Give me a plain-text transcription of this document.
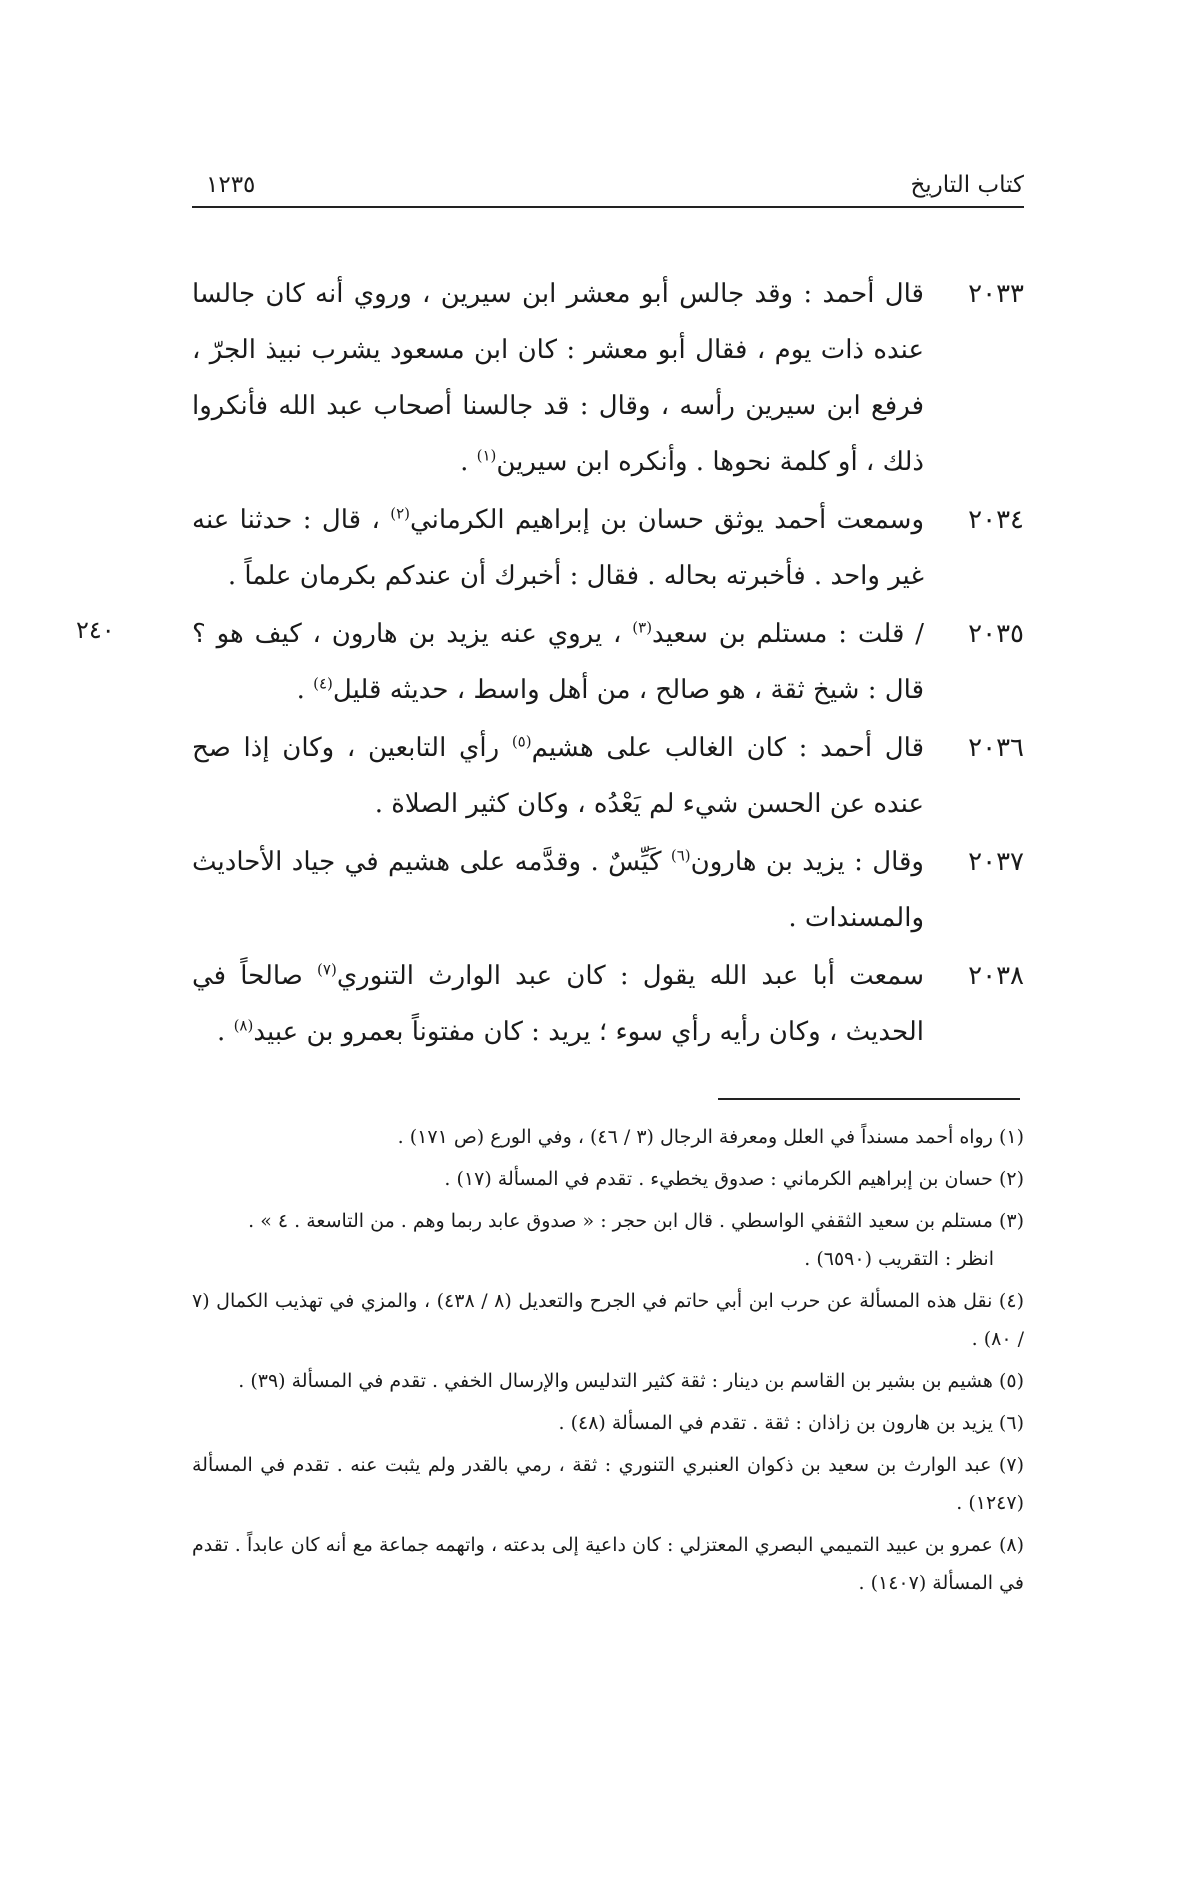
كتاب التاريخ
١٢٣٥
٢٤٠
٢٠٣٣
قال أحمد : وقد جالس أبو معشر ابن سيرين ، وروي أنه كان جالسا عنده ذات يوم ، فقال أبو معشر : كان ابن مسعود يشرب نبيذ الجرّ ، فرفع ابن سيرين رأسه ، وقال : قد جالسنا أصحاب عبد الله فأنكروا ذلك ، أو كلمة نحوها . وأنكره ابن سيرين$^{(١)}$ .
٢٠٣٤
وسمعت أحمد يوثق حسان بن إبراهيم الكرماني$^{(٢)}$ ، قال : حدثنا عنه غير واحد . فأخبرته بحاله . فقال : أخبرك أن عندكم بكرمان علماً .
٢٠٣٥
/ قلت : مستلم بن سعيد$^{(٣)}$ ، يروي عنه يزيد بن هارون ، كيف هو ؟ قال : شيخ ثقة ، هو صالح ، من أهل واسط ، حديثه قليل$^{(٤)}$ .
٢٠٣٦
قال أحمد : كان الغالب على هشيم$^{(٥)}$ رأي التابعين ، وكان إذا صح عنده عن الحسن شيء لم يَعْدُه ، وكان كثير الصلاة .
٢٠٣٧
وقال : يزيد بن هارون$^{(٦)}$ كَيِّسٌ . وقدَّمه على هشيم في جياد الأحاديث والمسندات .
٢٠٣٨
سمعت أبا عبد الله يقول : كان عبد الوارث التنوري$^{(٧)}$ صالحاً في الحديث ، وكان رأيه رأي سوء ؛ يريد : كان مفتوناً بعمرو بن عبيد$^{(٨)}$ .
(١) رواه أحمد مسنداً في العلل ومعرفة الرجال (٣ / ٤٦) ، وفي الورع (ص ١٧١) .
(٢) حسان بن إبراهيم الكرماني : صدوق يخطيء . تقدم في المسألة (١٧) .
(٣) مستلم بن سعيد الثقفي الواسطي . قال ابن حجر : « صدوق عابد ربما وهم . من التاسعة . ٤ » .
انظر : التقريب (٦٥٩٠) .
(٤) نقل هذه المسألة عن حرب ابن أبي حاتم في الجرح والتعديل (٨ / ٤٣٨) ، والمزي في تهذيب الكمال (٧ / ٨٠) .
(٥) هشيم بن بشير بن القاسم بن دينار : ثقة كثير التدليس والإرسال الخفي . تقدم في المسألة (٣٩) .
(٦) يزيد بن هارون بن زاذان : ثقة . تقدم في المسألة (٤٨) .
(٧) عبد الوارث بن سعيد بن ذكوان العنبري التنوري : ثقة ، رمي بالقدر ولم يثبت عنه . تقدم في المسألة (١٢٤٧) .
(٨) عمرو بن عبيد التميمي البصري المعتزلي : كان داعية إلى بدعته ، واتهمه جماعة مع أنه كان عابداً . تقدم في المسألة (١٤٠٧) .
